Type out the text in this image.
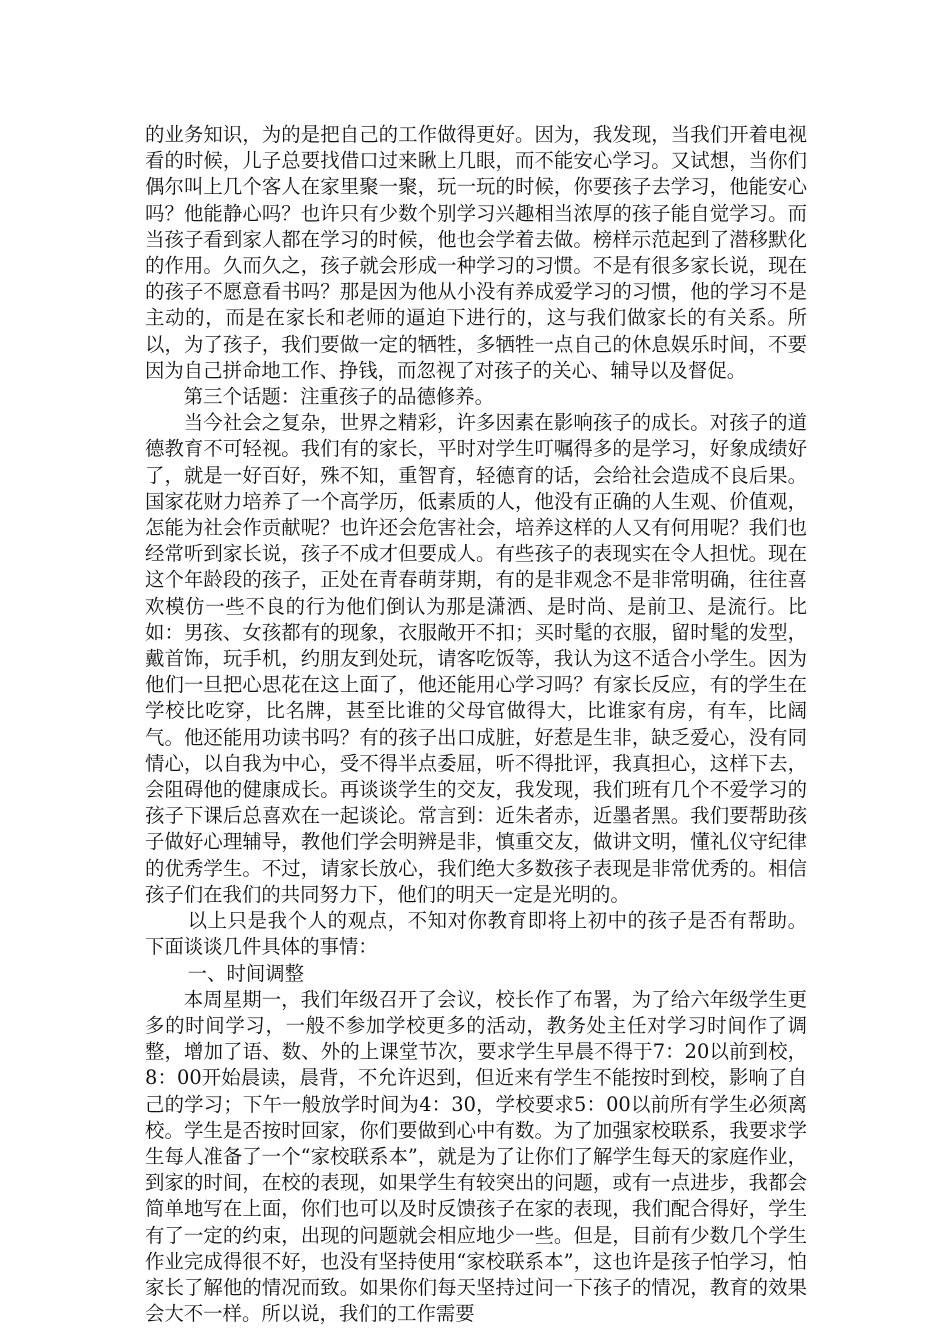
的业务知识，为的是把自己的工作做得更好。因为，我发现，当我们开着电视看的时候，儿子总要找借口过来瞅上几眼，而不能安心学习。又试想，当你们偶尔叫上几个客人在家里聚一聚，玩一玩的时候，你要孩子去学习，他能安心吗？他能静心吗？也许只有少数个别学习兴趣相当浓厚的孩子能自觉学习。而当孩子看到家人都在学习的时候，他也会学着去做。榜样示范起到了潜移默化的作用。久而久之，孩子就会形成一种学习的习惯。不是有很多家长说，现在的孩子不愿意看书吗？那是因为他从小没有养成爱学习的习惯，他的学习不是主动的，而是在家长和老师的逼迫下进行的，这与我们做家长的有关系。所以，为了孩子，我们要做一定的牺牲，多牺牲一点自己的休息娱乐时间，不要因为自己拼命地工作、挣钱，而忽视了对孩子的关心、辅导以及督促。

第三个话题：注重孩子的品德修养。

当今社会之复杂，世界之精彩，许多因素在影响孩子的成长。对孩子的道德教育不可轻视。我们有的家长，平时对学生叮嘱得多的是学习，好象成绩好了，就是一好百好，殊不知，重智育，轻德育的话，会给社会造成不良后果。国家花财力培养了一个高学历，低素质的人，他没有正确的人生观、价值观，怎能为社会作贡献呢？也许还会危害社会，培养这样的人又有何用呢？我们也经常听到家长说，孩子不成才但要成人。有些孩子的表现实在令人担忧。现在这个年龄段的孩子，正处在青春萌芽期，有的是非观念不是非常明确，往往喜欢模仿一些不良的行为他们倒认为那是潇洒、是时尚、是前卫、是流行。比如：男孩、女孩都有的现象，衣服敞开不扣；买时髦的衣服，留时髦的发型，戴首饰，玩手机，约朋友到处玩，请客吃饭等，我认为这不适合小学生。因为他们一旦把心思花在这上面了，他还能用心学习吗？有家长反应，有的学生在学校比吃穿，比名牌，甚至比谁的父母官做得大，比谁家有房，有车，比阔气。他还能用功读书吗？有的孩子出口成脏，好惹是生非，缺乏爱心，没有同情心，以自我为中心，受不得半点委屈，听不得批评，我真担心，这样下去，会阻碍他的健康成长。再谈谈学生的交友，我发现，我们班有几个不爱学习的孩子下课后总喜欢在一起谈论。常言到：近朱者赤，近墨者黑。我们要帮助孩子做好心理辅导，教他们学会明辨是非，慎重交友，做讲文明，懂礼仪守纪律的优秀学生。不过，请家长放心，我们绝大多数孩子表现是非常优秀的。相信孩子们在我们的共同努力下，他们的明天一定是光明的。

以上只是我个人的观点，不知对你教育即将上初中的孩子是否有帮助。下面谈谈几件具体的事情：

一、时间调整

本周星期一，我们年级召开了会议，校长作了布署，为了给六年级学生更多的时间学习，一般不参加学校更多的活动，教务处主任对学习时间作了调整，增加了语、数、外的上课堂节次，要求学生早晨不得于7：20以前到校，8：00开始晨读，晨背，不允许迟到，但近来有学生不能按时到校，影响了自己的学习；下午一般放学时间为4：30，学校要求5：00以前所有学生必须离校。学生是否按时回家，你们要做到心中有数。为了加强家校联系，我要求学生每人准备了一个“家校联系本”，就是为了让你们了解学生每天的家庭作业，到家的时间，在校的表现，如果学生有较突出的问题，或有一点进步，我都会简单地写在上面，你们也可以及时反馈孩子在家的表现，我们配合得好，学生有了一定的约束，出现的问题就会相应地少一些。但是，目前有少数几个学生作业完成得很不好，也没有坚持使用“家校联系本”，这也许是孩子怕学习，怕家长了解他的情况而致。如果你们每天坚持过问一下孩子的情况，教育的效果会大不一样。所以说，我们的工作需要
